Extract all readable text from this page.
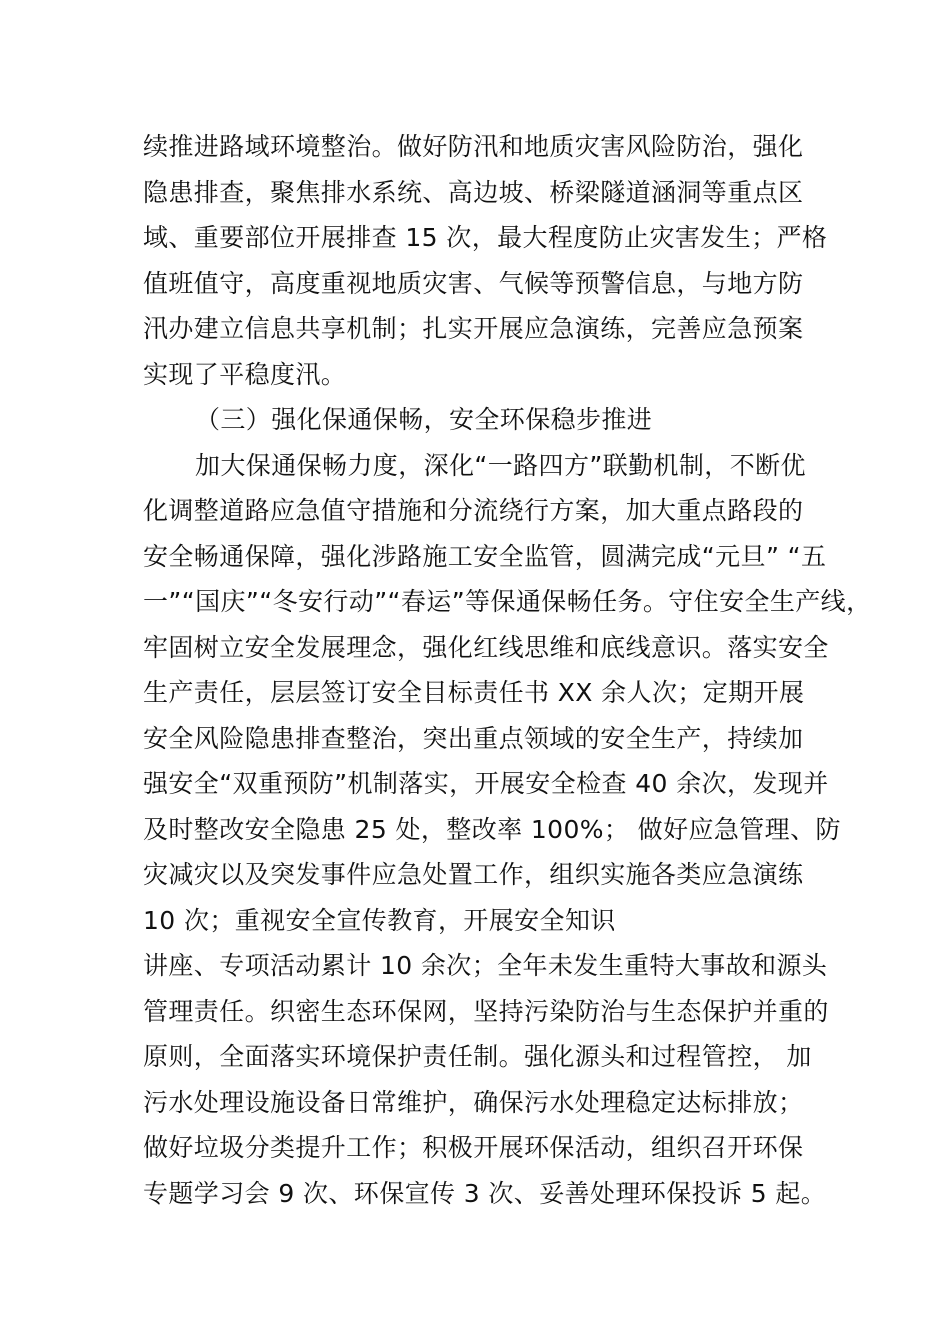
续推进路域环境整治。做好防汛和地质灾害风险防治，强化
隐患排查，聚焦排水系统、高边坡、桥梁隧道涵洞等重点区
域、重要部位开展排查 15 次，最大程度防止灾害发生；严格
值班值守，高度重视地质灾害、气候等预警信息，与地方防
汛办建立信息共享机制；扎实开展应急演练，完善应急预案
实现了平稳度汛。
（三）强化保通保畅，安全环保稳步推进
加大保通保畅力度，深化“一路四方”联勤机制，不断优
化调整道路应急值守措施和分流绕行方案，加大重点路段的
安全畅通保障，强化涉路施工安全监管，圆满完成“元旦” “五
一”“国庆”“冬安行动”“春运”等保通保畅任务。守住安全生产线，
牢固树立安全发展理念，强化红线思维和底线意识。落实安全
生产责任，层层签订安全目标责任书 XX 余人次；定期开展
安全风险隐患排查整治，突出重点领域的安全生产，持续加
强安全“双重预防”机制落实，开展安全检查 40 余次，发现并
及时整改安全隐患 25 处，整改率 100%； 做好应急管理、防
灾减灾以及突发事件应急处置工作，组织实施各类应急演练
10 次；重视安全宣传教育，开展安全知识
讲座、专项活动累计 10 余次；全年未发生重特大事故和源头
管理责任。织密生态环保网，坚持污染防治与生态保护并重的
原则，全面落实环境保护责任制。强化源头和过程管控， 加
污水处理设施设备日常维护，确保污水处理稳定达标排放；
做好垃圾分类提升工作；积极开展环保活动，组织召开环保
专题学习会 9 次、环保宣传 3 次、妥善处理环保投诉 5 起。
